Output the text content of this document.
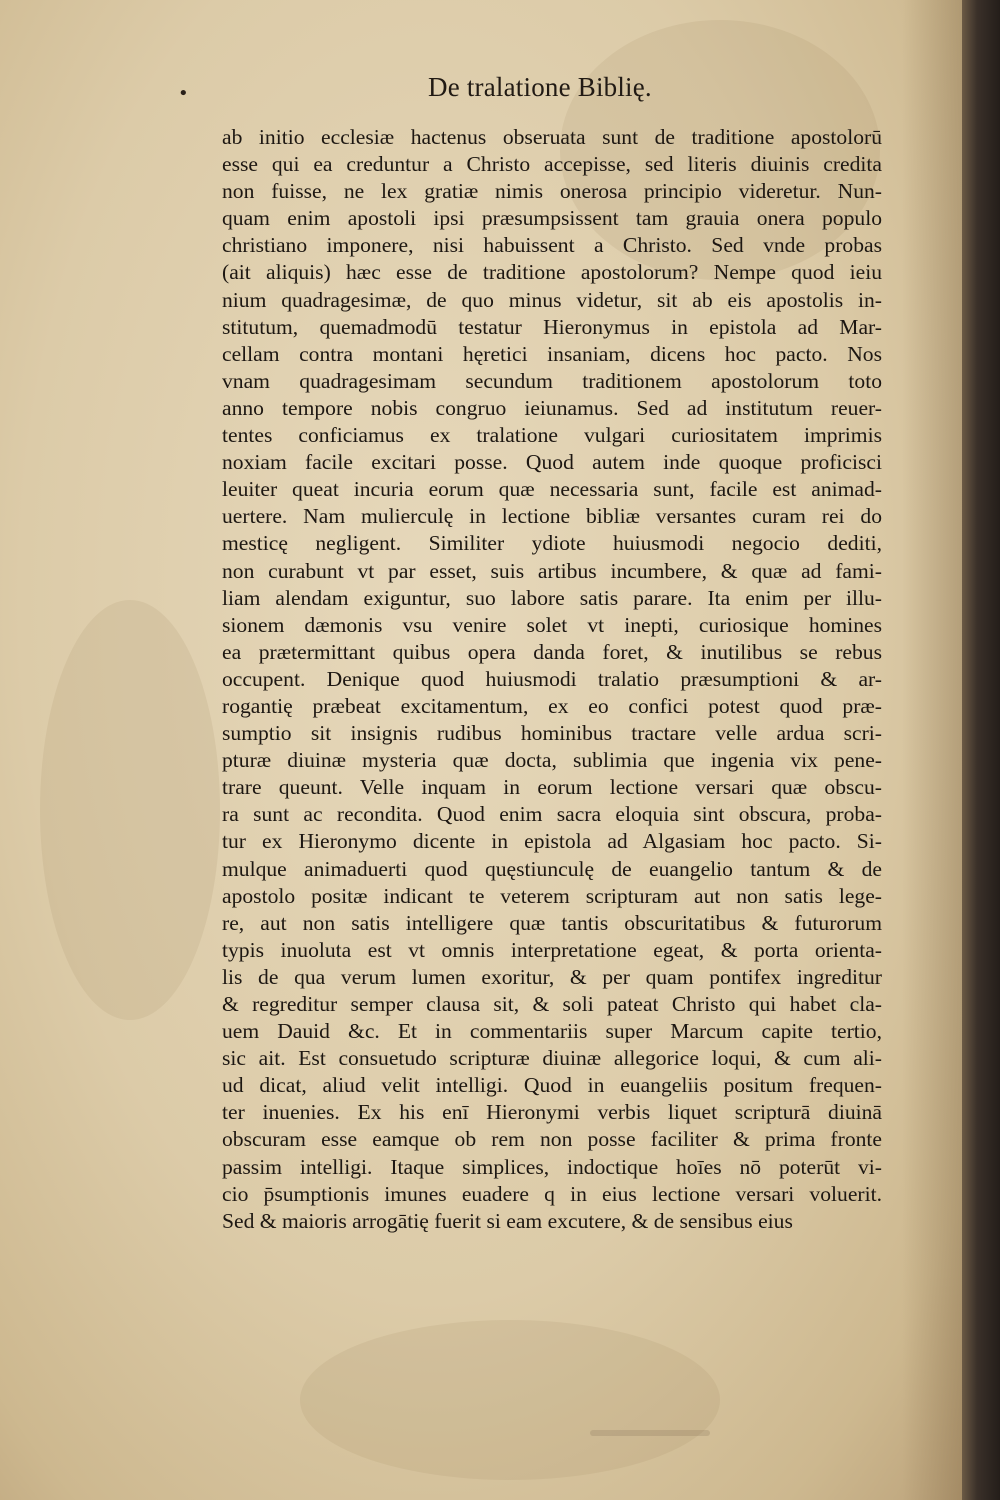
•	De tralatione Biblię.
ab initio ecclesiæ hactenus obseruata sunt de traditione apostolorū
esse qui ea creduntur a Christo accepisse, sed literis diuinis credita
non fuisse, ne lex gratiæ nimis onerosa principio videretur. Nun-
quam enim apostoli ipsi præsumpsissent tam grauia onera populo
christiano imponere, nisi habuissent a Christo. Sed vnde probas
(ait aliquis) hæc esse de traditione apostolorum? Nempe quod ieiu
nium quadragesimæ, de quo minus videtur, sit ab eis apostolis in-
stitutum, quemadmodū testatur Hieronymus in epistola ad Mar-
cellam contra montani hęretici insaniam, dicens hoc pacto. Nos
vnam quadragesimam secundum traditionem apostolorum toto
anno tempore nobis congruo ieiunamus. Sed ad institutum reuer-
tentes conficiamus ex tralatione vulgari curiositatem imprimis
noxiam facile excitari posse. Quod autem inde quoque proficisci
leuiter queat incuria eorum quæ necessaria sunt, facile est animad-
uertere. Nam mulierculę in lectione bibliæ versantes curam rei do
mesticę negligent. Similiter ydiote huiusmodi negocio dediti,
non curabunt vt par esset, suis artibus incumbere, & quæ ad fami-
liam alendam exiguntur, suo labore satis parare. Ita enim per illu-
sionem dæmonis vsu venire solet vt inepti, curiosique homines
ea prætermittant quibus opera danda foret, & inutilibus se rebus
occupent. Denique quod huiusmodi tralatio præsumptioni & ar-
rogantię præbeat excitamentum, ex eo confici potest quod præ-
sumptio sit insignis rudibus hominibus tractare velle ardua scri-
pturæ diuinæ mysteria quæ docta, sublimia que ingenia vix pene-
trare queunt. Velle inquam in eorum lectione versari quæ obscu-
ra sunt ac recondita. Quod enim sacra eloquia sint obscura, proba-
tur ex Hieronymo dicente in epistola ad Algasiam hoc pacto. Si-
mulque animaduerti quod quęstiunculę de euangelio tantum & de
apostolo positæ indicant te veterem scripturam aut non satis lege-
re, aut non satis intelligere quæ tantis obscuritatibus & futurorum
typis inuoluta est vt omnis interpretatione egeat, & porta orienta-
lis de qua verum lumen exoritur, & per quam pontifex ingreditur
& regreditur semper clausa sit, & soli pateat Christo qui habet cla-
uem Dauid &c. Et in commentariis super Marcum capite tertio,
sic ait. Est consuetudo scripturæ diuinæ allegorice loqui, & cum ali-
ud dicat, aliud velit intelligi. Quod in euangeliis positum frequen-
ter inuenies. Ex his enī Hieronymi verbis liquet scripturā diuinā
obscuram esse eamque ob rem non posse faciliter & prima fronte
passim intelligi. Itaque simplices, indoctique hoīes nō poterūt vi-
cio p̄sumptionis imunes euadere q in eius lectione versari voluerit.
Sed & maioris arrogātię fuerit si eam excutere, & de sensibus eius
